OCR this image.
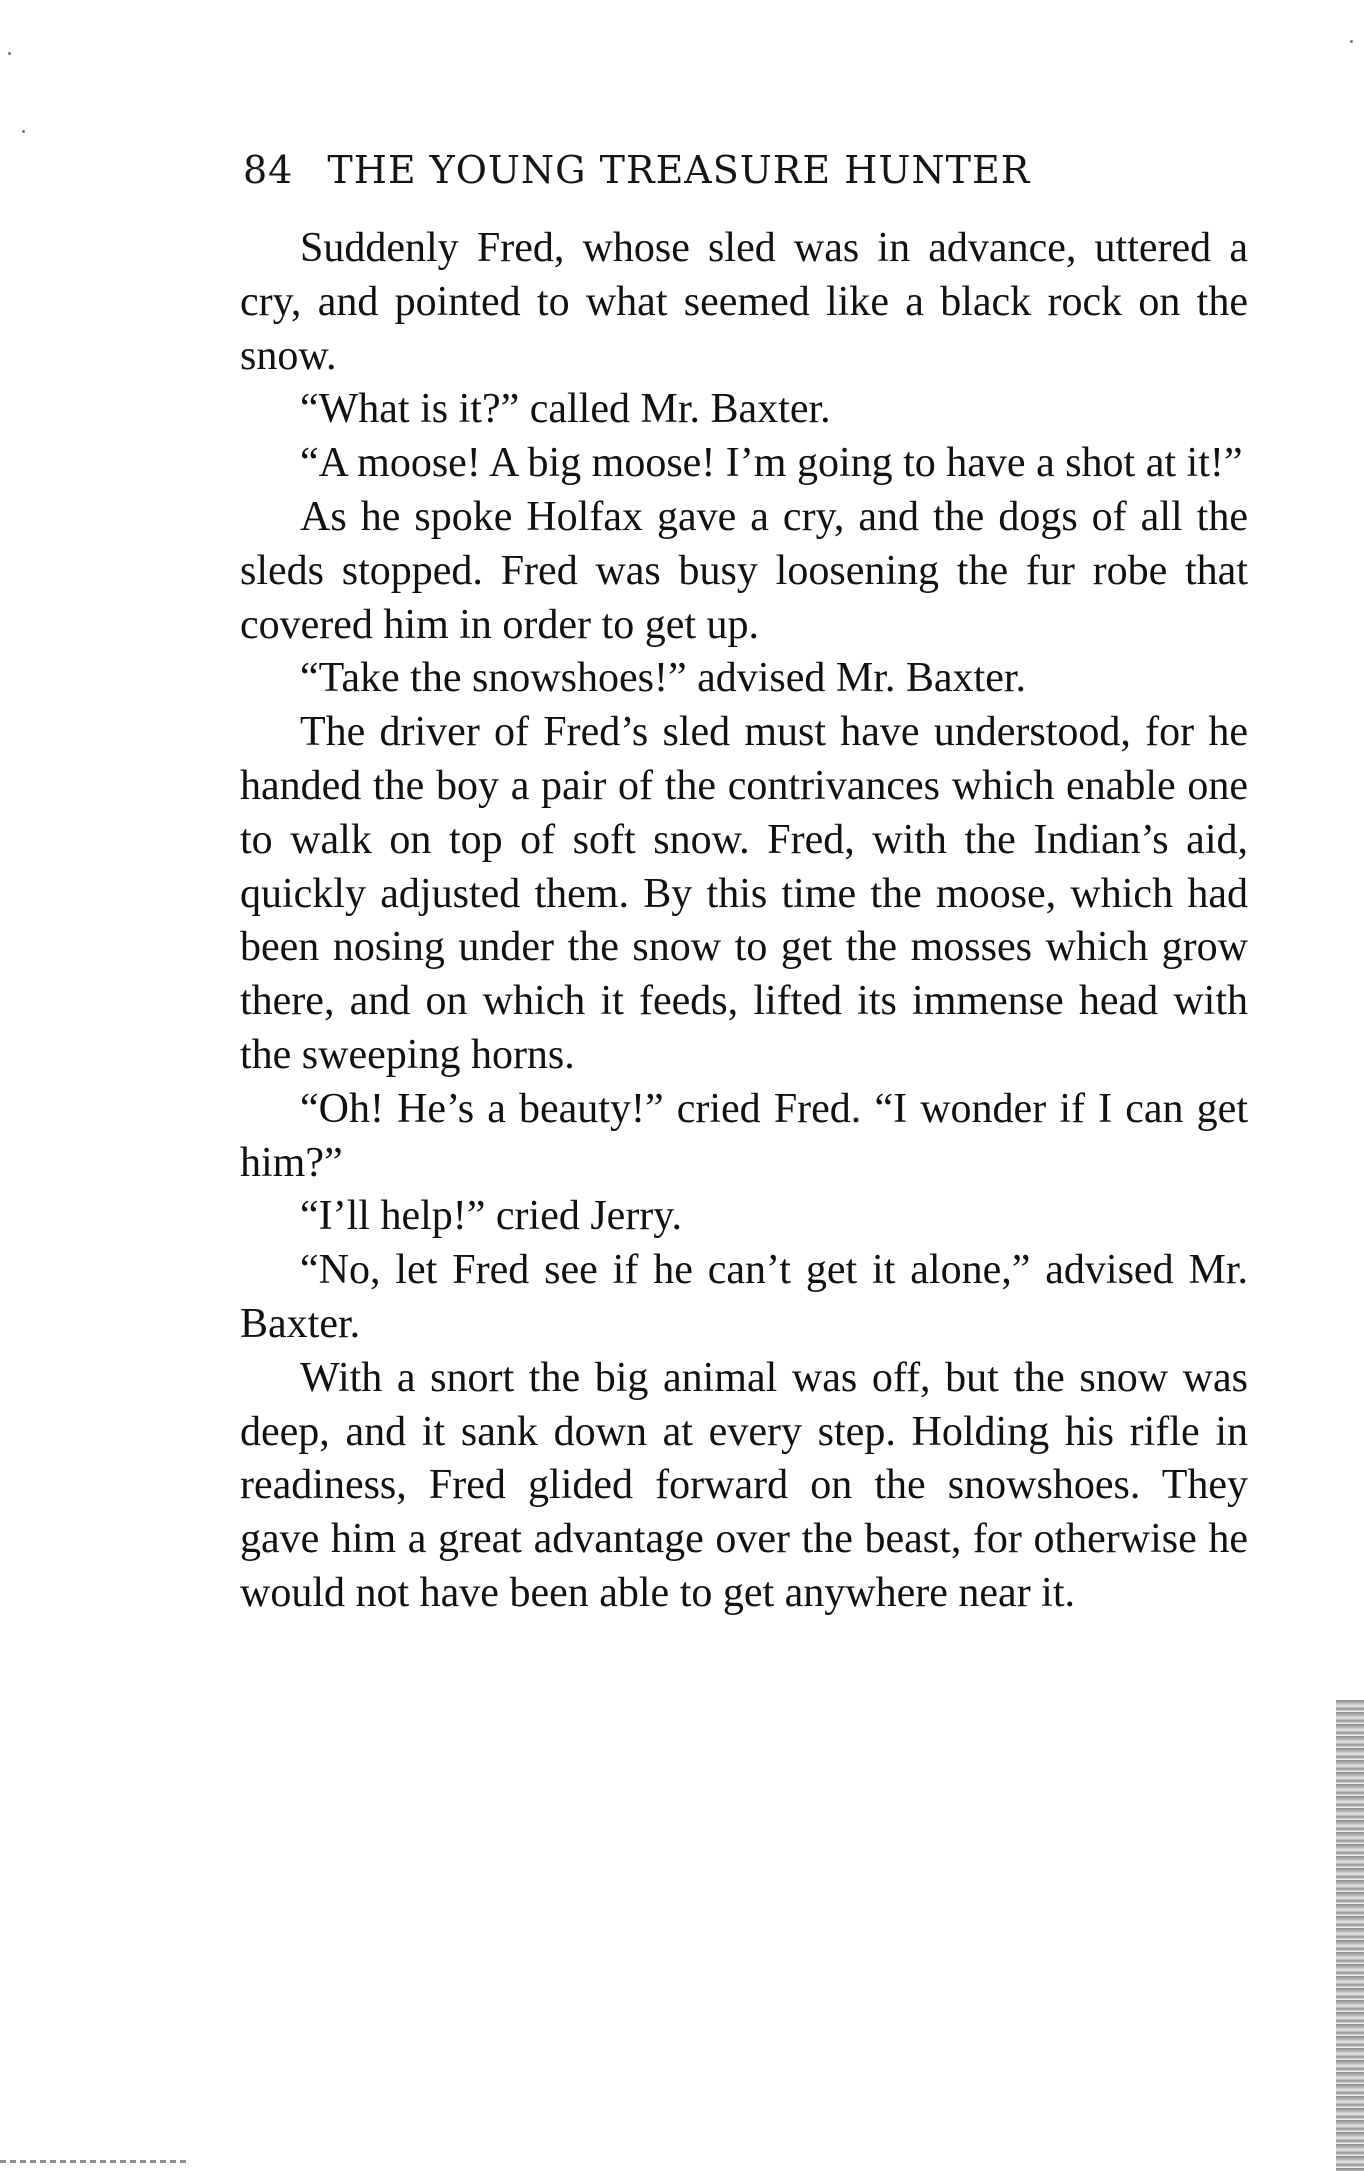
84 THE YOUNG TREASURE HUNTER

Suddenly Fred, whose sled was in advance, uttered a cry, and pointed to what seemed like a black rock on the snow.

“What is it?” called Mr. Baxter.

“A moose! A big moose! I’m going to have a shot at it!”

As he spoke Holfax gave a cry, and the dogs of all the sleds stopped. Fred was busy loosening the fur robe that covered him in order to get up.

“Take the snowshoes!” advised Mr. Baxter.

The driver of Fred’s sled must have understood, for he handed the boy a pair of the contrivances which enable one to walk on top of soft snow. Fred, with the Indian’s aid, quickly adjusted them. By this time the moose, which had been nosing under the snow to get the mosses which grow there, and on which it feeds, lifted its immense head with the sweeping horns.

“Oh! He’s a beauty!” cried Fred. “I wonder if I can get him?”

“I’ll help!” cried Jerry.

“No, let Fred see if he can’t get it alone,” advised Mr. Baxter.

With a snort the big animal was off, but the snow was deep, and it sank down at every step. Holding his rifle in readiness, Fred glided forward on the snowshoes. They gave him a great advantage over the beast, for otherwise he would not have been able to get anywhere near it.
